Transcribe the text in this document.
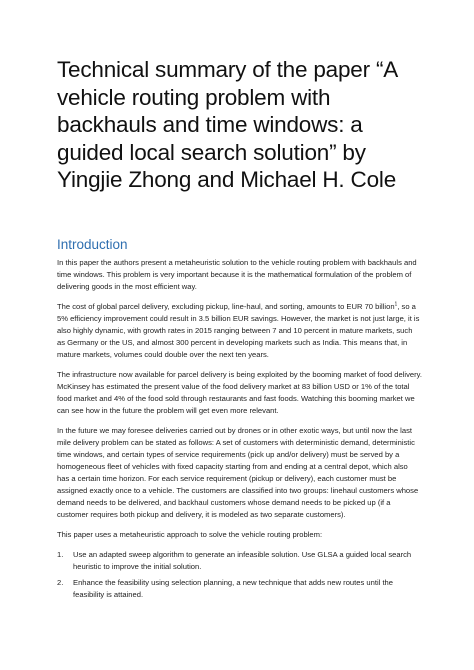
Technical summary of the paper “A vehicle routing problem with backhauls and time windows: a guided local search solution” by Yingjie Zhong and Michael H. Cole
Introduction

In this paper the authors present a metaheuristic solution to the vehicle routing problem with backhauls and time windows. This problem is very important because it is the mathematical formulation of the problem of delivering goods in the most efficient way.

The cost of global parcel delivery, excluding pickup, line-haul, and sorting, amounts to EUR 70 billion$^1$, so a 5% efficiency improvement could result in 3.5 billion EUR savings. However, the market is not just large, it is also highly dynamic, with growth rates in 2015 ranging between 7 and 10 percent in mature markets, such as Germany or the US, and almost 300 percent in developing markets such as India. This means that, in mature markets, volumes could double over the next ten years.

The infrastructure now available for parcel delivery is being exploited by the booming market of food delivery. McKinsey has estimated the present value of the food delivery market at 83 billion USD or 1% of the total food market and 4% of the food sold through restaurants and fast foods. Watching this booming market we can see how in the future the problem will get even more relevant.

In the future we may foresee deliveries carried out by drones or in other exotic ways, but until now the last mile delivery problem can be stated as follows: A set of customers with deterministic demand, deterministic time windows, and certain types of service requirements (pick up and/or delivery) must be served by a homogeneous fleet of vehicles with fixed capacity starting from and ending at a central depot, which also has a certain time horizon. For each service requirement (pickup or delivery), each customer must be assigned exactly once to a vehicle. The customers are classified into two groups: linehaul customers whose demand needs to be delivered, and backhaul customers whose demand needs to be picked up (if a customer requires both pickup and delivery, it is modeled as two separate customers).

This paper uses a metaheuristic approach to solve the vehicle routing problem:

1. Use an adapted sweep algorithm to generate an infeasible solution. Use GLSA a guided local search heuristic to improve the initial solution.
2. Enhance the feasibility using selection planning, a new technique that adds new routes until the feasibility is attained.
